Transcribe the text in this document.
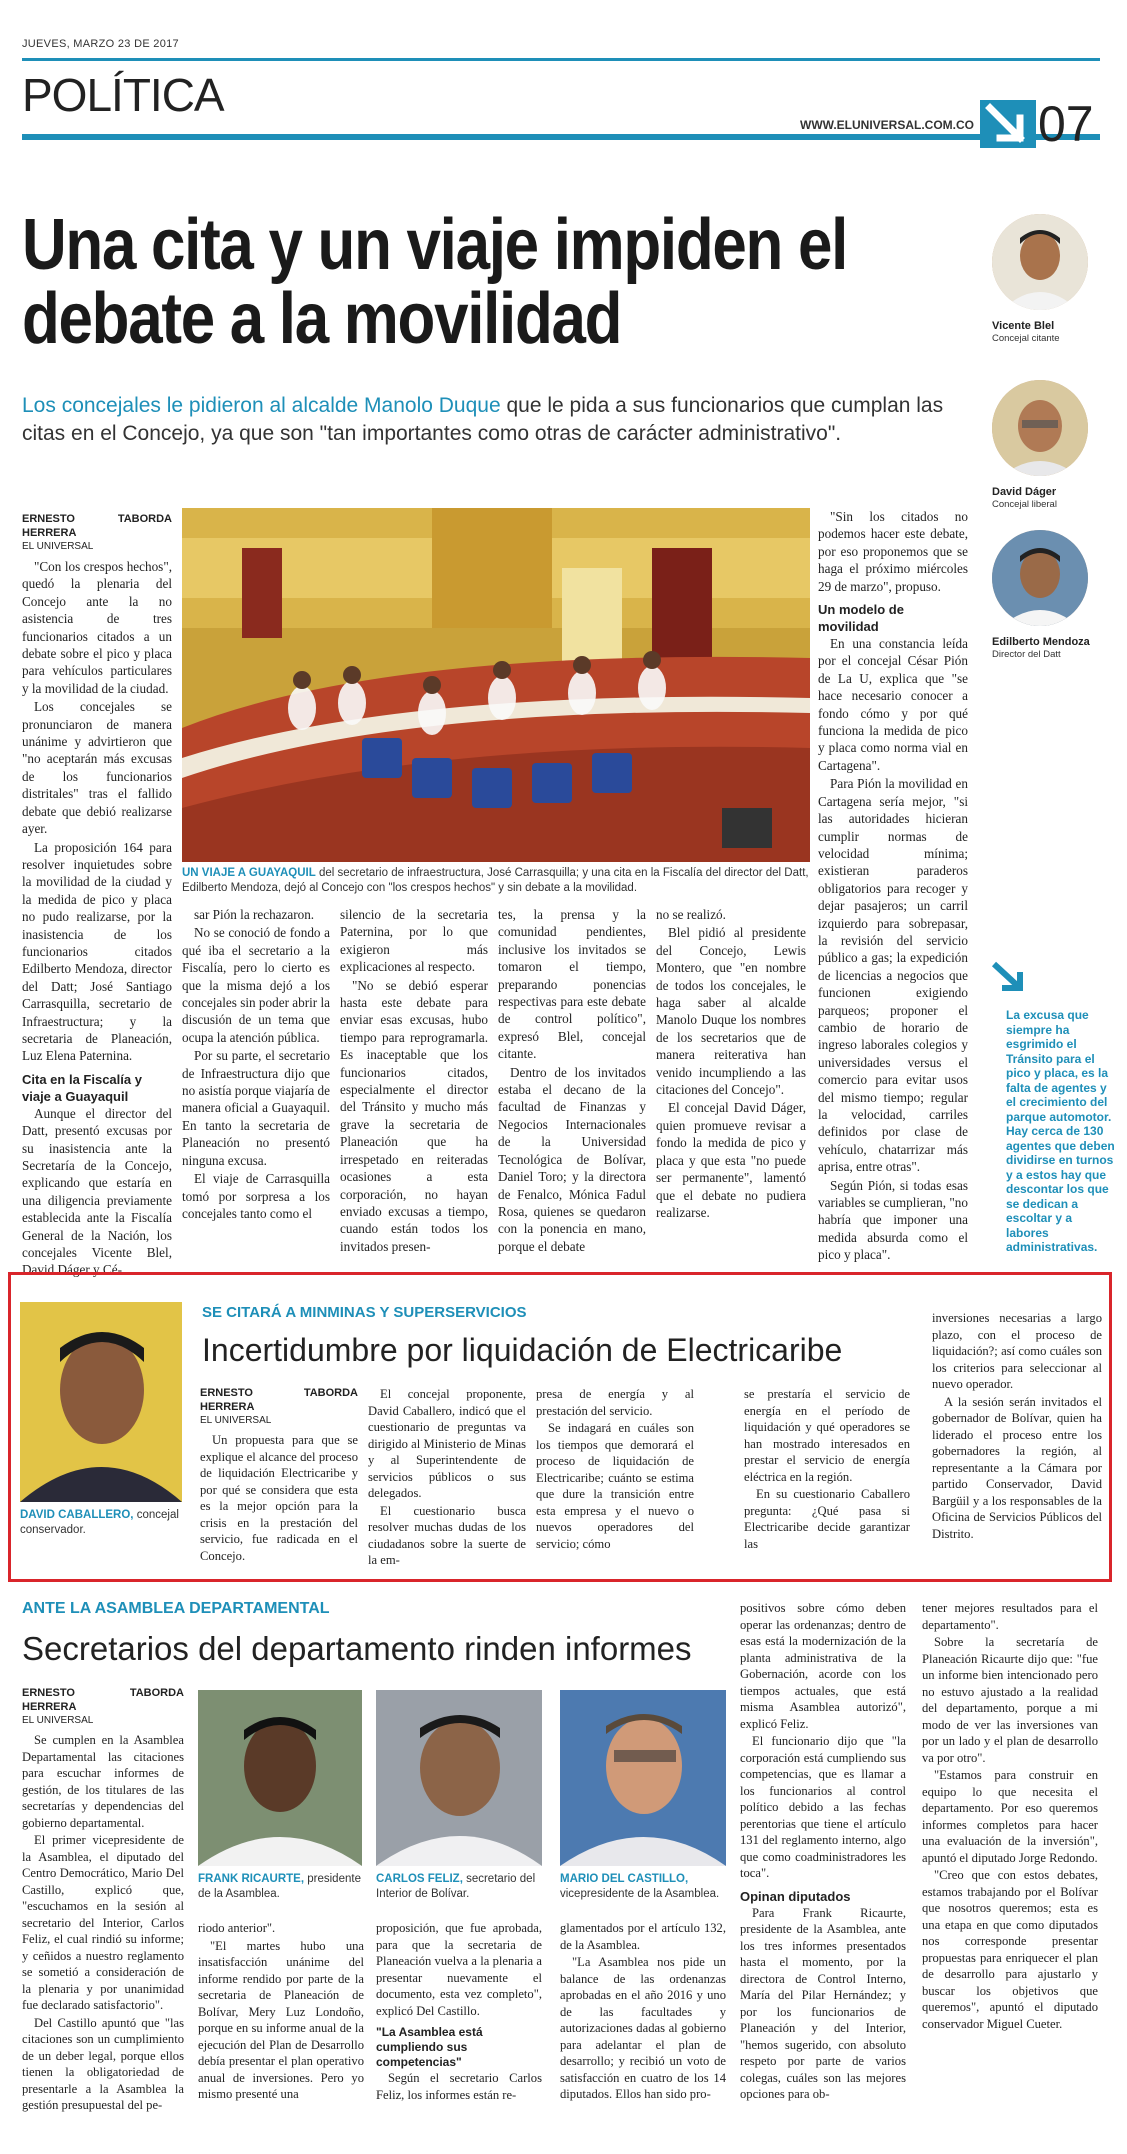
JUEVES, MARZO 23 DE 2017
POLÍTICA
WWW.ELUNIVERSAL.COM.CO 07
Una cita y un viaje impiden el debate a la movilidad
Los concejales le pidieron al alcalde Manolo Duque que le pida a sus funcionarios que cumplan las citas en el Concejo, ya que son "tan importantes como otras de carácter administrativo".
Vicente Blel
Concejal citante
David Dáger
Concejal liberal
Edilberto Mendoza
Director del Datt
ERNESTO TABORDA HERRERA
EL UNIVERSAL

"Con los crespos hechos", quedó la plenaria del Concejo ante la no asistencia de tres funcionarios citados a un debate sobre el pico y placa para vehículos particulares y la movilidad de la ciudad.

Los concejales se pronunciaron de manera unánime y advirtieron que "no aceptarán más excusas de los funcionarios distritales" tras el fallido debate que debió realizarse ayer.

La proposición 164 para resolver inquietudes sobre la movilidad de la ciudad y la medida de pico y placa no pudo realizarse, por la inasistencia de los funcionarios citados Edilberto Mendoza, director del Datt; José Santiago Carrasquilla, secretario de Infraestructura; y la secretaria de Planeación, Luz Elena Paternina.

Cita en la Fiscalía y viaje a Guayaquil

Aunque el director del Datt, presentó excusas por su inasistencia ante la Secretaría de la Concejo, explicando que estaría en una diligencia previamente establecida ante la Fiscalía General de la Nación, los concejales Vicente Blel, David Dáger y Cé-

UN VIAJE A GUAYAQUIL del secretario de infraestructura, José Carrasquilla; y una cita en la Fiscalía del director del Datt, Edilberto Mendoza, dejó al Concejo con "los crespos hechos" y sin debate a la movilidad.

sar Pión la rechazaron.

No se conoció de fondo a qué iba el secretario a la Fiscalía, pero lo cierto es que la misma dejó a los concejales sin poder abrir la discusión de un tema que ocupa la atención pública.

Por su parte, el secretario de Infraestructura dijo que no asistía porque viajaría de manera oficial a Guayaquil. En tanto la secretaria de Planeación no presentó ninguna excusa.

El viaje de Carrasquilla tomó por sorpresa a los concejales tanto como el

silencio de la secretaria Paternina, por lo que exigieron más explicaciones al respecto.

"No se debió esperar hasta este debate para enviar esas excusas, hubo tiempo para reprogramarla. Es inaceptable que los funcionarios citados, especialmente el director del Tránsito y mucho más grave la secretaria de Planeación que ha irrespetado en reiteradas ocasiones a esta corporación, no hayan enviado excusas a tiempo, cuando están todos los invitados presen-

tes, la prensa y la comunidad pendientes, inclusive los invitados se tomaron el tiempo, preparando ponencias respectivas para este debate de control político", expresó Blel, concejal citante.

Dentro de los invitados estaba el decano de la facultad de Finanzas y Negocios Internacionales de la Universidad Tecnológica de Bolívar, Daniel Toro; y la directora de Fenalco, Mónica Fadul Rosa, quienes se quedaron con la ponencia en mano, porque el debate

no se realizó.

Blel pidió al presidente del Concejo, Lewis Montero, que "en nombre de todos los concejales, le haga saber al alcalde Manolo Duque los nombres de los secretarios que de manera reiterativa han venido incumpliendo a las citaciones del Concejo".

El concejal David Dáger, quien promueve revisar a fondo la medida de pico y placa y que esta "no puede ser permanente", lamentó que el debate no pudiera realizarse.

"Sin los citados no podemos hacer este debate, por eso proponemos que se haga el próximo miércoles 29 de marzo", propuso.

Un modelo de movilidad

En una constancia leída por el concejal César Pión de La U, explica que "se hace necesario conocer a fondo cómo y por qué funciona la medida de pico y placa como norma vial en Cartagena".

Para Pión la movilidad en Cartagena sería mejor, "si las autoridades hicieran cumplir normas de velocidad mínima; existieran paraderos obligatorios para recoger y dejar pasajeros; un carril izquierdo para sobrepasar, la revisión del servicio público a gas; la expedición de licencias a negocios que funcionen exigiendo parqueos; proponer el cambio de horario de ingreso laborales colegios y universidades versus el comercio para evitar usos del mismo tiempo; regular la velocidad, carriles definidos por clase de vehículo, chatarrizar más aprisa, entre otras".

Según Pión, si todas esas variables se cumplieran, "no habría que imponer una medida absurda como el pico y placa".

La excusa que siempre ha esgrimido el Tránsito para el pico y placa, es la falta de agentes y el crecimiento del parque automotor. Hay cerca de 130 agentes que deben dividirse en turnos y a estos hay que descontar los que se dedican a escoltar y a labores administrativas.
DAVID CABALLERO, concejal conservador.
SE CITARÁ A MINMINAS Y SUPERSERVICIOS
Incertidumbre por liquidación de Electricaribe
ERNESTO TABORDA HERRERA
EL UNIVERSAL

Un propuesta para que se explique el alcance del proceso de liquidación Electricaribe y por qué se considera que esta es la mejor opción para la crisis en la prestación del servicio, fue radicada en el Concejo.

El concejal proponente, David Caballero, indicó que el cuestionario de preguntas va dirigido al Ministerio de Minas y al Superintendente de servicios públicos o sus delegados.

El cuestionario busca resolver muchas dudas de los ciudadanos sobre la suerte de la em-

presa de energía y al prestación del servicio.

Se indagará en cuáles son los tiempos que demorará el proceso de liquidación de Electricaribe; cuánto se estima que dure la transición entre esta empresa y el nuevo o nuevos operadores del servicio; cómo

se prestaría el servicio de energía en el período de liquidación y qué operadores se han mostrado interesados en prestar el servicio de energía eléctrica en la región.

En su cuestionario Caballero pregunta: ¿Qué pasa si Electricaribe decide garantizar las

inversiones necesarias a largo plazo, con el proceso de liquidación?; así como cuáles son los criterios para seleccionar al nuevo operador.

A la sesión serán invitados el gobernador de Bolívar, quien ha liderado el proceso entre los gobernadores la región, al representante a la Cámara por partido Conservador, David Bargüil y a los responsables de la Oficina de Servicios Públicos del Distrito.

ANTE LA ASAMBLEA DEPARTAMENTAL
Secretarios del departamento rinden informes
ERNESTO TABORDA HERRERA
EL UNIVERSAL

Se cumplen en la Asamblea Departamental las citaciones para escuchar informes de gestión, de los titulares de las secretarías y dependencias del gobierno departamental.

El primer vicepresidente de la Asamblea, el diputado del Centro Democrático, Mario Del Castillo, explicó que, "escuchamos en la sesión al secretario del Interior, Carlos Feliz, el cual rindió su informe; y ceñidos a nuestro reglamento se sometió a consideración de la plenaria y por unanimidad fue declarado satisfactorio".

Del Castillo apuntó que "las citaciones son un cumplimiento de un deber legal, porque ellos tienen la obligatoriedad de presentarle a la Asamblea la gestión presupuestal del pe-

FRANK RICAURTE, presidente de la Asamblea.
CARLOS FELIZ, secretario del Interior de Bolívar.
MARIO DEL CASTILLO, vicepresidente de la Asamblea.

riodo anterior".

"El martes hubo una insatisfacción unánime del informe rendido por parte de la secretaria de Planeación de Bolívar, Mery Luz Londoño, porque en su informe anual de la ejecución del Plan de Desarrollo debía presentar el plan operativo anual de inversiones. Pero yo mismo presenté una

proposición, que fue aprobada, para que la secretaria de Planeación vuelva a la plenaria a presentar nuevamente el documento, esta vez completo", explicó Del Castillo.

"La Asamblea está cumpliendo sus competencias"

Según el secretario Carlos Feliz, los informes están re-

glamentados por el artículo 132, de la Asamblea.

"La Asamblea nos pide un balance de las ordenanzas aprobadas en el año 2016 y uno de las facultades y autorizaciones dadas al gobierno para adelantar el plan de desarrollo; y recibió un voto de satisfacción en cuatro de los 14 diputados. Ellos han sido pro-

positivos sobre cómo deben operar las ordenanzas; dentro de esas está la modernización de la planta administrativa de la Gobernación, acorde con los tiempos actuales, que está misma Asamblea autorizó", explicó Feliz.

El funcionario dijo que "la corporación está cumpliendo sus competencias, que es llamar a los funcionarios al control político debido a las fechas perentorias que tiene el artículo 131 del reglamento interno, algo que como coadministradores les toca".

Opinan diputados

Para Frank Ricaurte, presidente de la Asamblea, ante los tres informes presentados hasta el momento, por la directora de Control Interno, María del Pilar Hernández; y por los funcionarios de Planeación y del Interior, "hemos sugerido, con absoluto respeto por parte de varios colegas, cuáles son las mejores opciones para ob-

tener mejores resultados para el departamento".

Sobre la secretaría de Planeación Ricaurte dijo que: "fue un informe bien intencionado pero no estuvo ajustado a la realidad del departamento, porque a mi modo de ver las inversiones van por un lado y el plan de desarrollo va por otro".

"Estamos para construir en equipo lo que necesita el departamento. Por eso queremos informes completos para hacer una evaluación de la inversión", apuntó el diputado Jorge Redondo.

"Creo que con estos debates, estamos trabajando por el Bolívar que nosotros queremos; esta es una etapa en que como diputados nos corresponde presentar propuestas para enriquecer el plan de desarrollo para ajustarlo y buscar los objetivos que queremos", apuntó el diputado conservador Miguel Cueter.
